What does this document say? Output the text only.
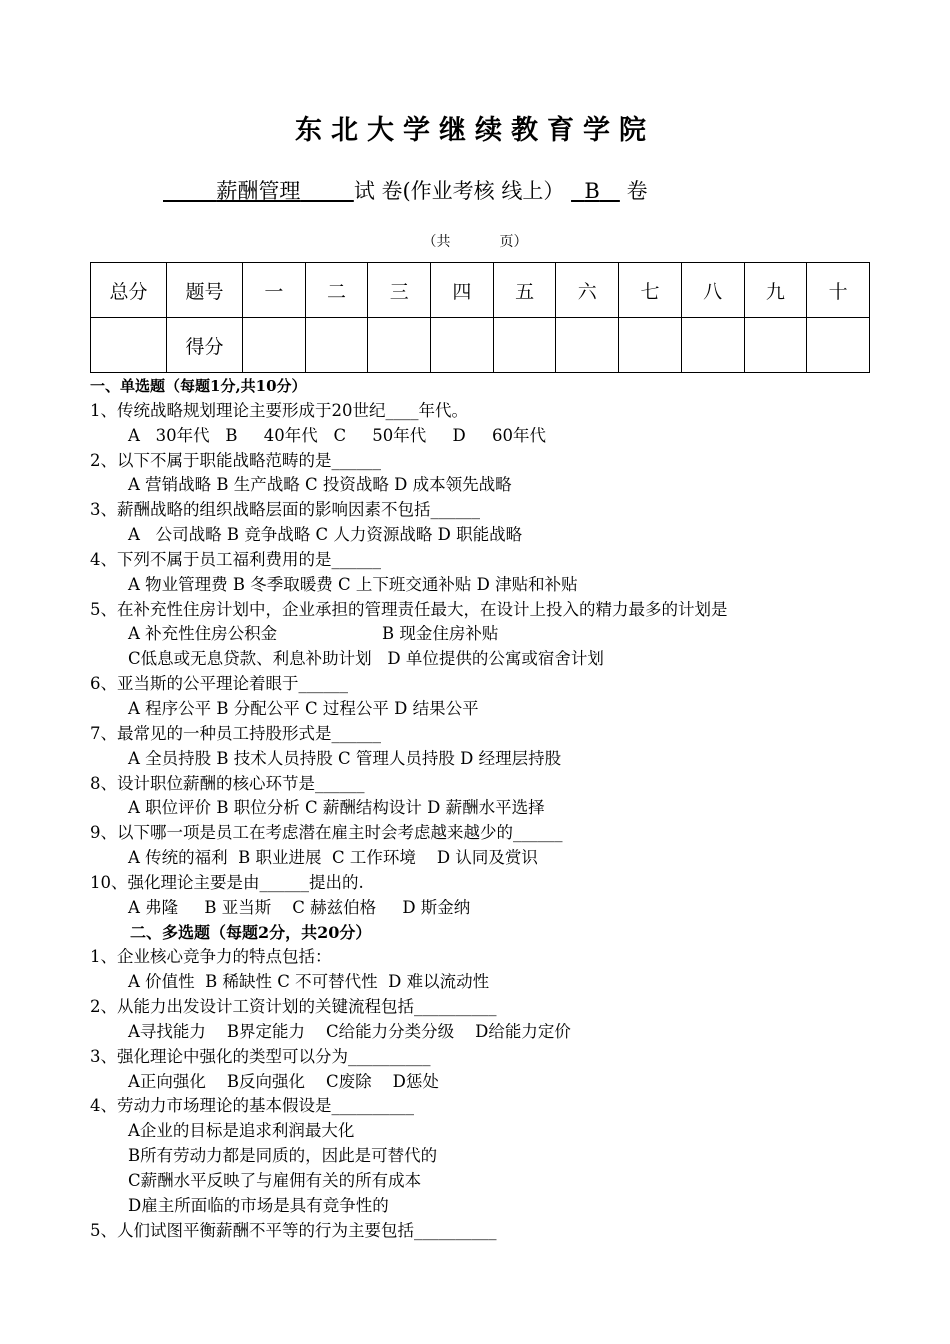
东北大学继续教育学院
薪酬管理	试 卷(作业考核 线上） B 卷
（共	页）
总分	题号	一	二	三	四	五	六	七	八	九	十
	得分										
一、单选题（每题1分,共10分）
1、传统战略规划理论主要形成于20世纪____年代。
A   30年代   B     40年代   C     50年代     D     60年代
2、以下不属于职能战略范畴的是______
A 营销战略 B 生产战略 C 投资战略 D 成本领先战略
3、薪酬战略的组织战略层面的影响因素不包括______
A   公司战略 B 竞争战略 C 人力资源战略 D 职能战略
4、下列不属于员工福利费用的是______
A 物业管理费 B 冬季取暖费 C 上下班交通补贴 D 津贴和补贴
5、在补充性住房计划中，企业承担的管理责任最大，在设计上投入的精力最多的计划是
A 补充性住房公积金                    B 现金住房补贴
C低息或无息贷款、利息补助计划   D 单位提供的公寓或宿舍计划
6、亚当斯的公平理论着眼于______
A 程序公平 B 分配公平 C 过程公平 D 结果公平
7、最常见的一种员工持股形式是______
A 全员持股 B 技术人员持股 C 管理人员持股 D 经理层持股
8、设计职位薪酬的核心环节是______
A 职位评价 B 职位分析 C 薪酬结构设计 D 薪酬水平选择
9、以下哪一项是员工在考虑潜在雇主时会考虑越来越少的______
A 传统的福利  B 职业进展  C 工作环境    D 认同及赏识
10、强化理论主要是由______提出的.
A 弗隆     B 亚当斯    C 赫兹伯格     D 斯金纳
二、多选题（每题2分，共20分）
1、企业核心竞争力的特点包括：
A 价值性  B 稀缺性 C 不可替代性  D 难以流动性
2、从能力出发设计工资计划的关键流程包括__________
A寻找能力    B界定能力    C给能力分类分级    D给能力定价
3、强化理论中强化的类型可以分为__________
A正向强化    B反向强化    C废除    D惩处
4、劳动力市场理论的基本假设是__________
A企业的目标是追求利润最大化
B所有劳动力都是同质的，因此是可替代的
C薪酬水平反映了与雇佣有关的所有成本
D雇主所面临的市场是具有竞争性的
5、人们试图平衡薪酬不平等的行为主要包括__________
